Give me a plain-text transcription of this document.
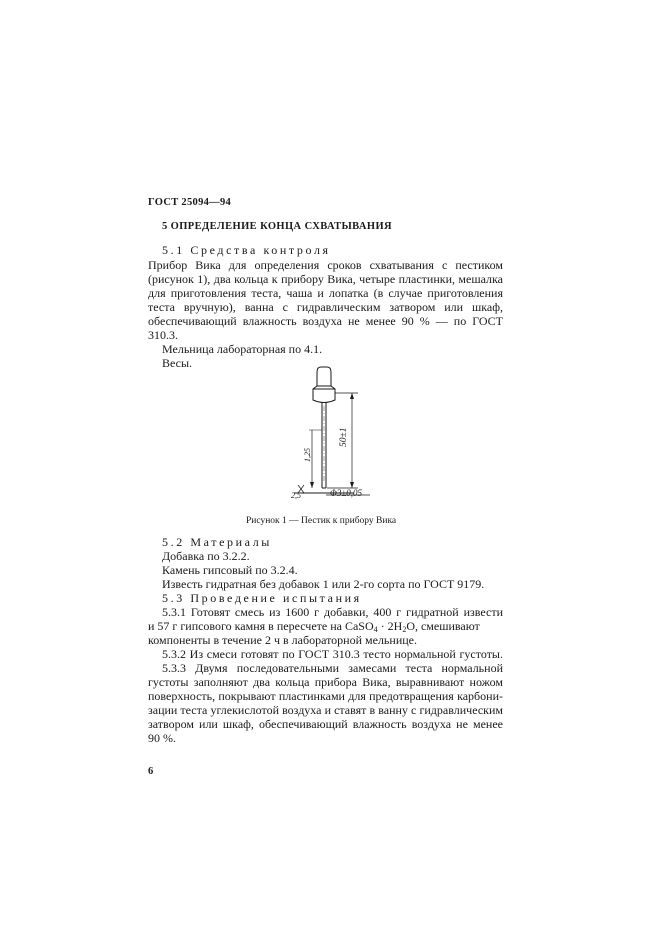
ГОСТ 25094—94
5 ОПРЕДЕЛЕНИЕ КОНЦА СХВАТЫВАНИЯ
5.1 Средства контроля
Прибор Вика для определения сроков схватывания с пестиком
(рисунок 1), два кольца к прибору Вика, четыре пластинки, мешалка
для приготовления теста, чаша и лопатка (в случае приготовления
теста вручную), ванна с гидравлическим затвором или шкаф,
обеспечивающий влажность воздуха не менее 90 % — по ГОСТ
310.3.
Мельница лабораторная по 4.1.
Весы.
50±1
1,25
2,5	Φ3±0,05
Рисунок 1 — Пестик к прибору Вика
5.2 Материалы
Добавка по 3.2.2.
Камень гипсовый по 3.2.4.
Известь гидратная без добавок 1 или 2-го сорта по ГОСТ 9179.
5.3 Проведение испытания
5.3.1 Готовят смесь из 1600 г добавки, 400 г гидратной извести
и 57 г гипсового камня в пересчете на CaSO$_4$ · $2H_2O$, смешивают
компоненты в течение 2 ч в лабораторной мельнице.
5.3.2 Из смеси готовят по ГОСТ 310.3 тесто нормальной густоты.
5.3.3 Двумя последовательными замесами теста нормальной
густоты заполняют два кольца прибора Вика, выравнивают ножом
поверхность, покрывают пластинками для предотвращения карбони-
зации теста углекислотой воздуха и ставят в ванну с гидравлическим
затвором или шкаф, обеспечивающий влажность воздуха не менее
90 %.
6
